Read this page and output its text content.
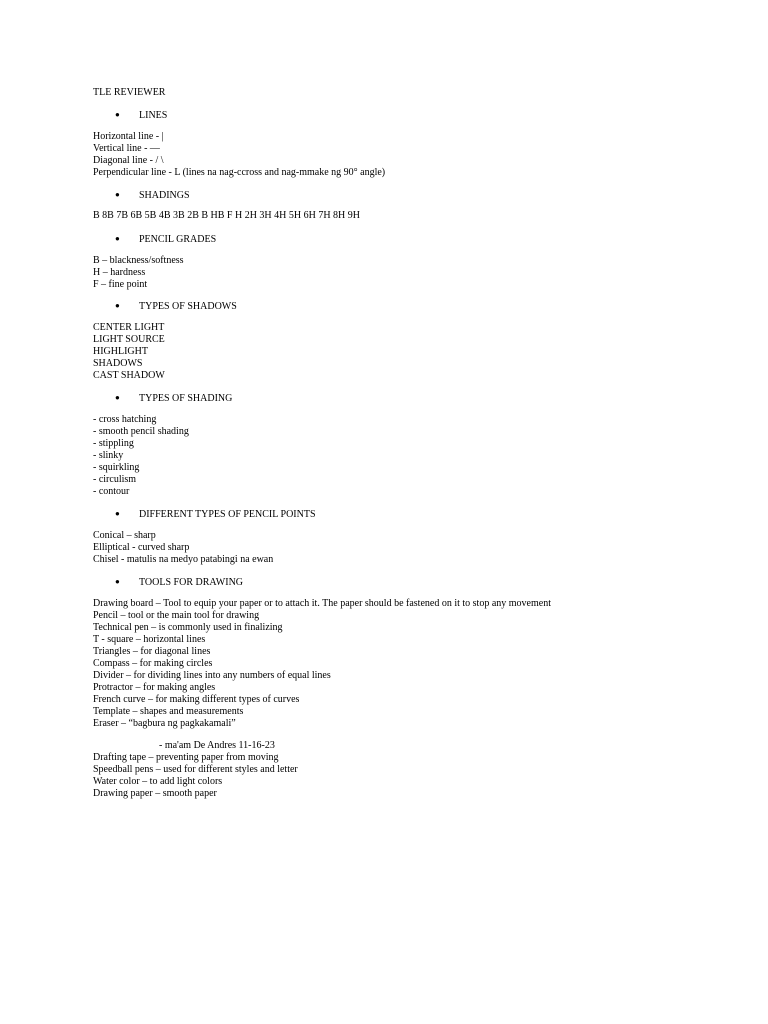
TLE REVIEWER
● LINES
Horizontal line - |
Vertical line - ―
Diagonal line - / \
Perpendicular line - L (lines na nag-ccross and nag-mmake ng 90° angle)
● SHADINGS
B 8B 7B 6B 5B 4B 3B 2B B HB F H 2H 3H 4H 5H 6H 7H 8H 9H
● PENCIL GRADES
B – blackness/softness
H – hardness
F – fine point
● TYPES OF SHADOWS
CENTER LIGHT
LIGHT SOURCE
HIGHLIGHT
SHADOWS
CAST SHADOW
● TYPES OF SHADING
- cross hatching
- smooth pencil shading
- stippling
- slinky
- squirkling
- circulism
- contour
● DIFFERENT TYPES OF PENCIL POINTS
Conical – sharp
Elliptical - curved sharp
Chisel - matulis na medyo patabingi na ewan
● TOOLS FOR DRAWING
Drawing board – Tool to equip your paper or to attach it. The paper should be fastened on it to stop any movement
Pencil – tool or the main tool for drawing
Technical pen – is commonly used in finalizing
T - square – horizontal lines
Triangles – for diagonal lines
Compass – for making circles
Divider – for dividing lines into any numbers of equal lines
Protractor – for making angles
French curve – for making different types of curves
Template – shapes and measurements
Eraser – “bagbura ng pagkakamali”
- ma'am De Andres 11-16-23
Drafting tape – preventing paper from moving
Speedball pens – used for different styles and letter
Water color – to add light colors
Drawing paper – smooth paper
